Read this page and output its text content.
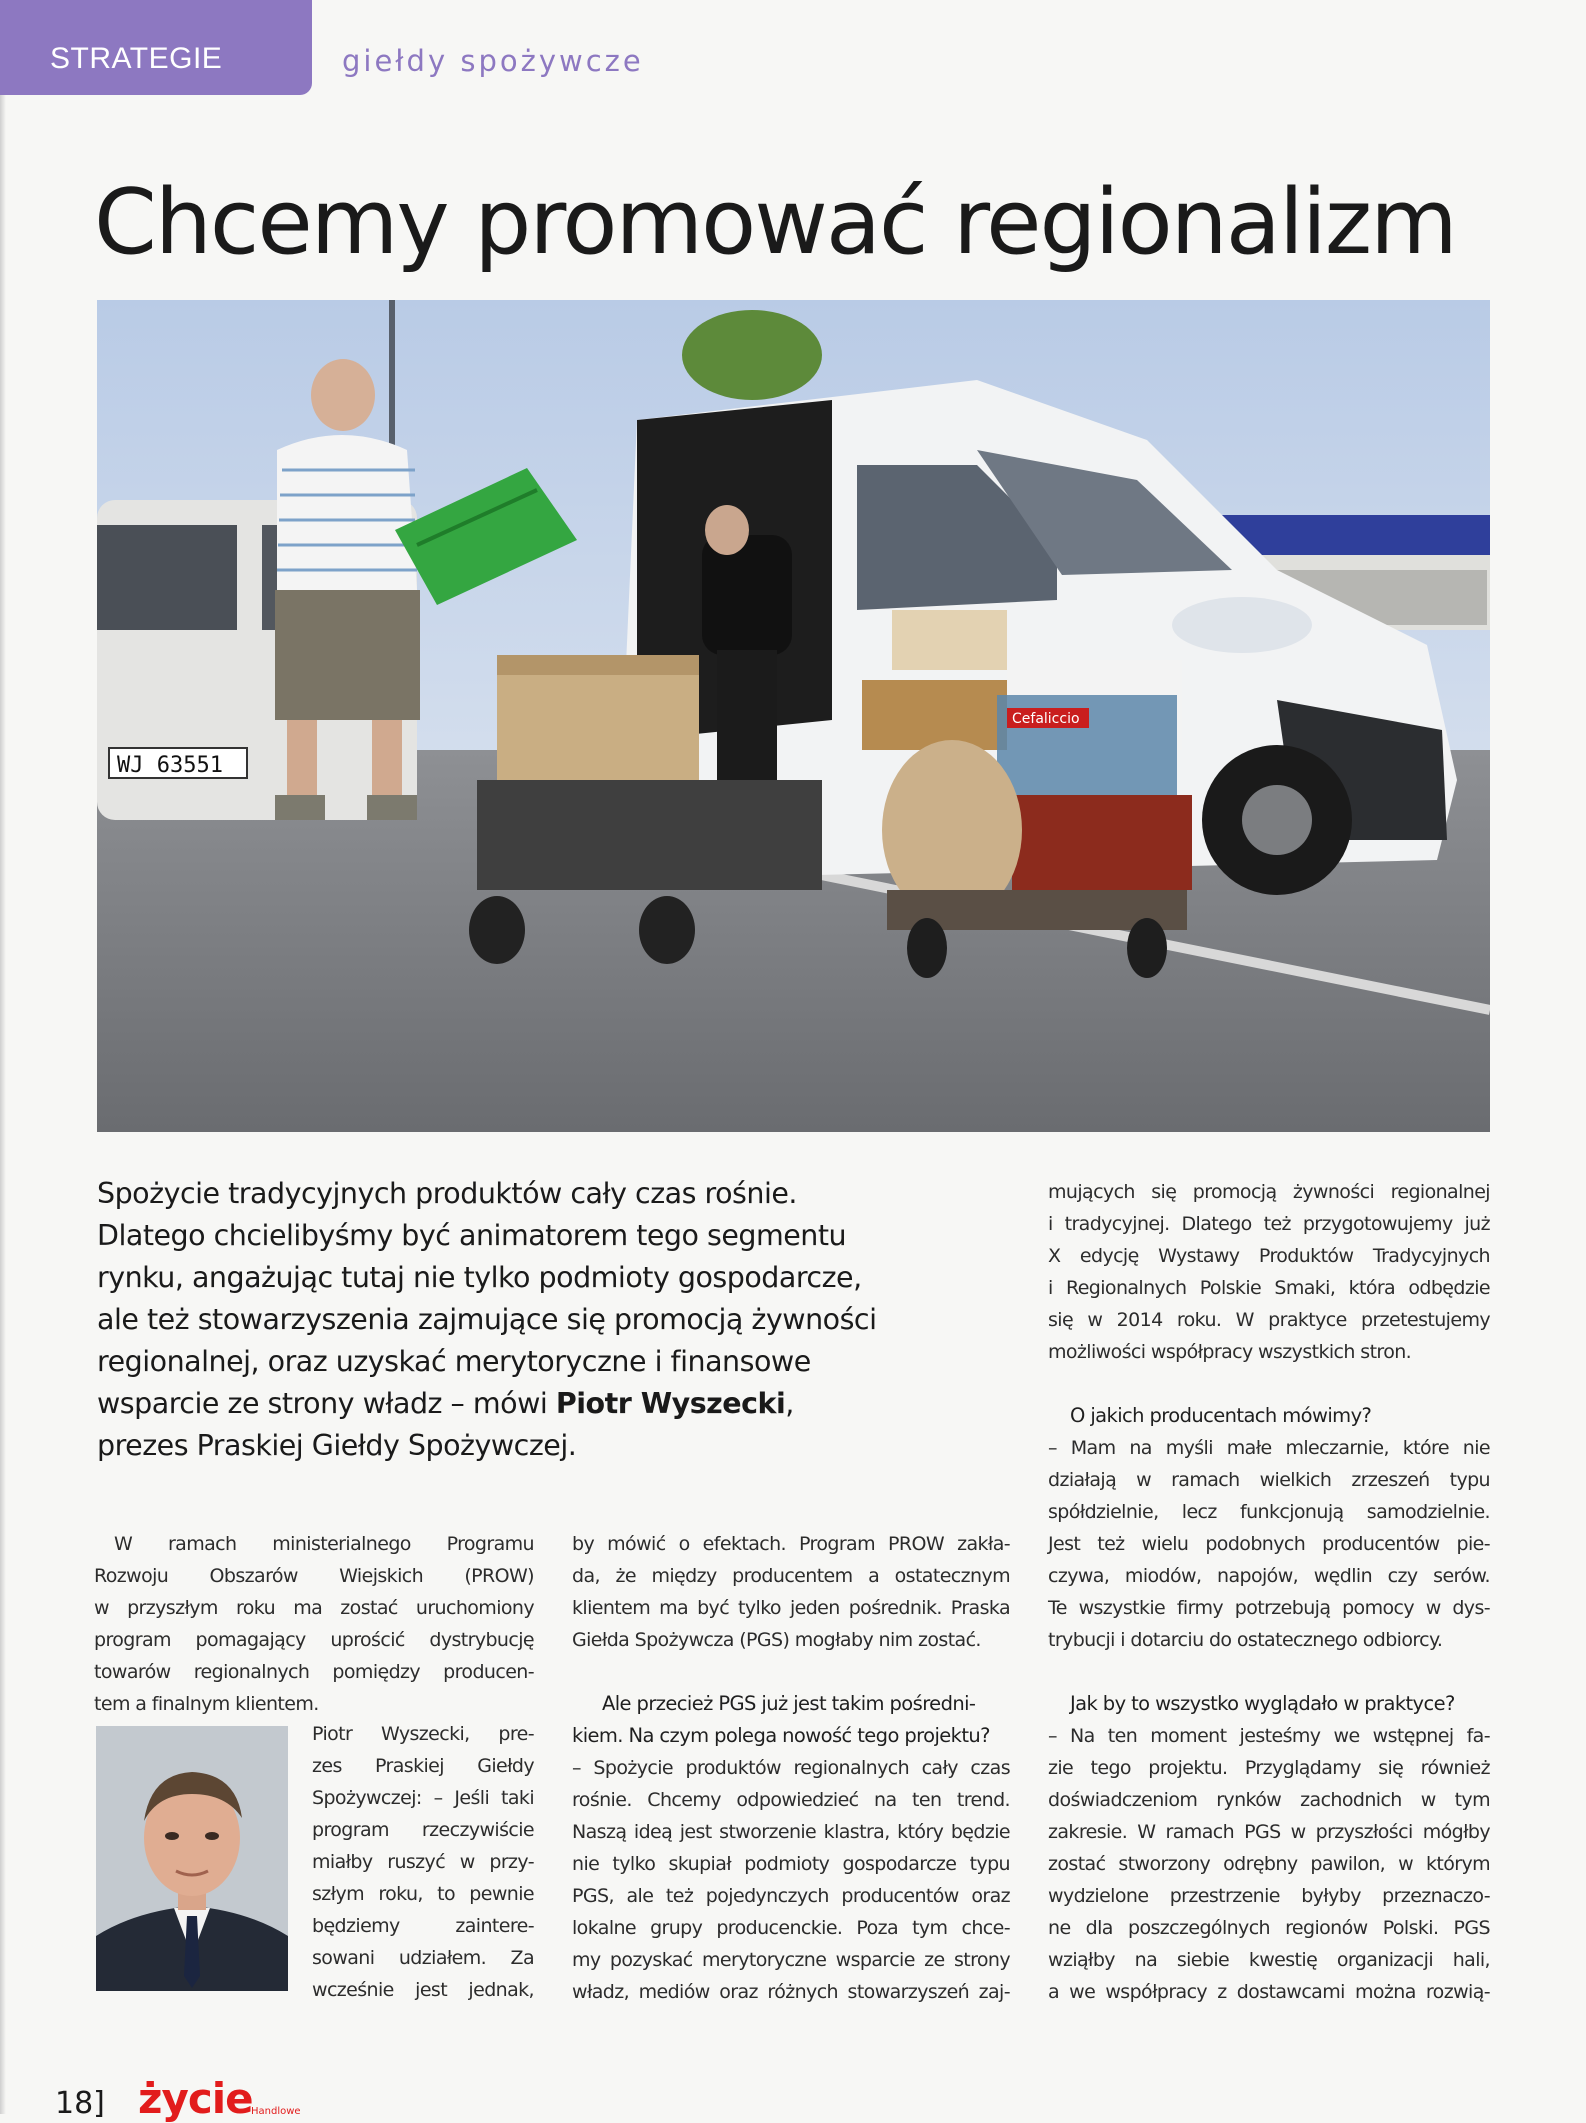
STRATEGIE	giełdy spożywcze
Chcemy promować regionalizm
WJ 63551
Cefaliccio

Spożycie tradycyjnych produktów cały czas rośnie.

Dlatego chcielibyśmy być animatorem tego segmentu

rynku, angażując tutaj nie tylko podmioty gospodarcze,

ale też stowarzyszenia zajmujące się promocją żywności

regionalnej, oraz uzyskać merytoryczne i finansowe

wsparcie ze strony władz – mówi Piotr Wyszecki,

prezes Praskiej Giełdy Spożywczej.

W ramach ministerialnego Programu

Rozwoju Obszarów Wiejskich (PROW)

w przyszłym roku ma zostać uruchomiony

program pomagający uprościć dystrybucję

towarów regionalnych pomiędzy producen-

tem a finalnym klientem.

Piotr Wyszecki, pre-

zes Praskiej Giełdy

Spożywczej: – Jeśli taki

program rzeczywiście

miałby ruszyć w przy-

szłym roku, to pewnie

będziemy zaintere-

sowani udziałem. Za

wcześnie jest jednak,

by mówić o efektach. Program PROW zakła-

da, że między producentem a ostatecznym

klientem ma być tylko jeden pośrednik. Praska

Giełda Spożywcza (PGS) mogłaby nim zostać.

Ale przecież PGS już jest takim pośredni-

kiem. Na czym polega nowość tego projektu?

– Spożycie produktów regionalnych cały czas

rośnie. Chcemy odpowiedzieć na ten trend.

Naszą ideą jest stworzenie klastra, który będzie

nie tylko skupiał podmioty gospodarcze typu

PGS, ale też pojedynczych producentów oraz

lokalne grupy producenckie. Poza tym chce-

my pozyskać merytoryczne wsparcie ze strony

władz, mediów oraz różnych stowarzyszeń zaj-

mujących się promocją żywności regionalnej

i tradycyjnej. Dlatego też przygotowujemy już

X edycję Wystawy Produktów Tradycyjnych

i Regionalnych Polskie Smaki, która odbędzie

się w 2014 roku. W praktyce przetestujemy

możliwości współpracy wszystkich stron.

O jakich producentach mówimy?

– Mam na myśli małe mleczarnie, które nie

działają w ramach wielkich zrzeszeń typu

spółdzielnie, lecz funkcjonują samodzielnie.

Jest też wielu podobnych producentów pie-

czywa, miodów, napojów, wędlin czy serów.

Te wszystkie firmy potrzebują pomocy w dys-

trybucji i dotarciu do ostatecznego odbiorcy.

Jak by to wszystko wyglądało w praktyce?

– Na ten moment jesteśmy we wstępnej fa-

zie tego projektu. Przyglądamy się również

doświadczeniom rynków zachodnich w tym

zakresie. W ramach PGS w przyszłości mógłby

zostać stworzony odrębny pawilon, w którym

wydzielone przestrzenie byłyby przeznaczo-

ne dla poszczególnych regionów Polski. PGS

wziąłby na siebie kwestię organizacji hali,

a we współpracy z dostawcami można rozwią-

18] życie
Handlowe
